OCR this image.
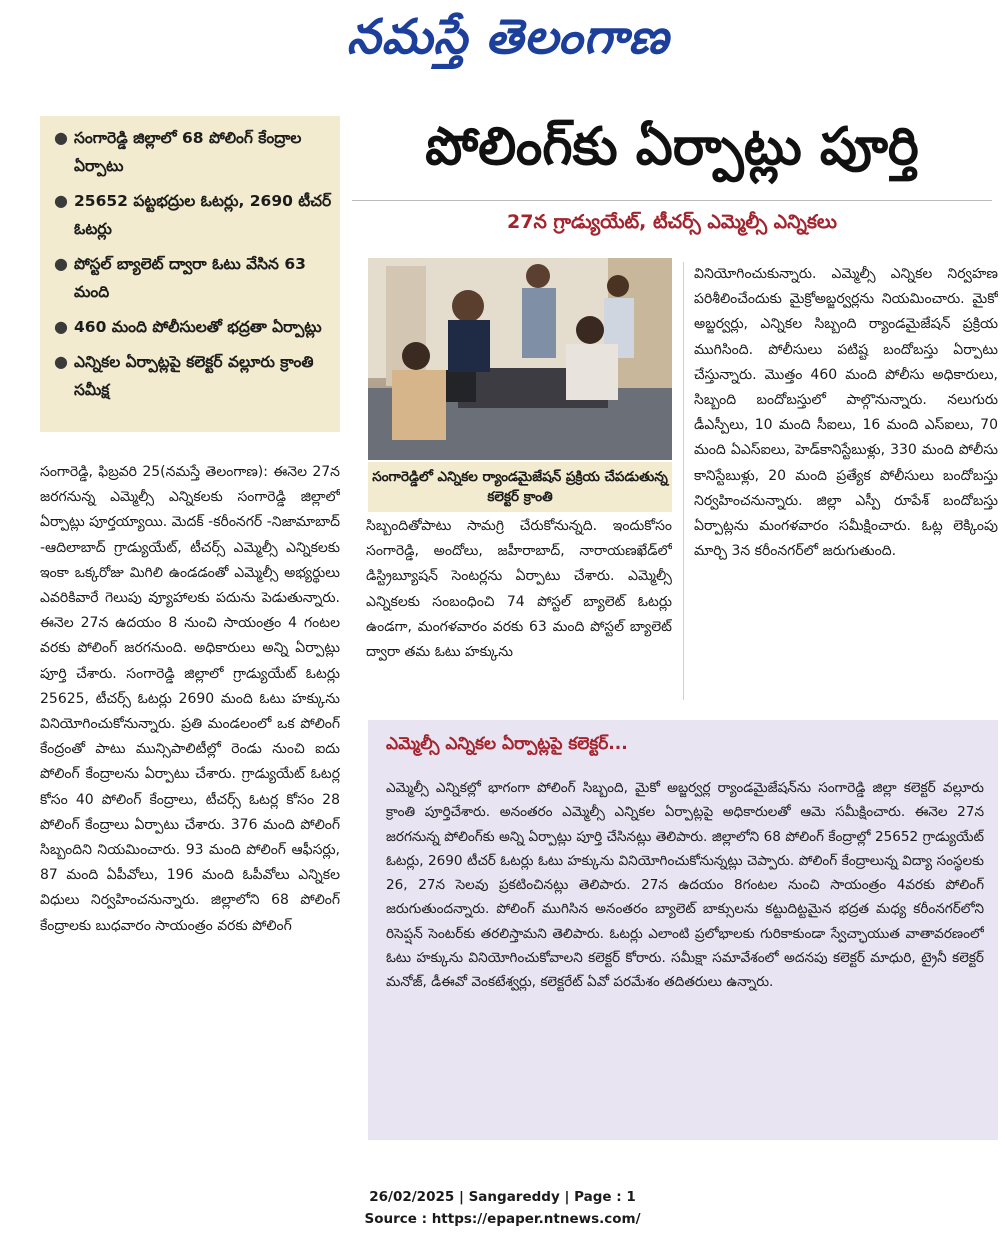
నమస్తే తెలంగాణ
● సంగారెడ్డి జిల్లాలో 68 పోలింగ్ కేంద్రాల ఏర్పాటు
● 25652 పట్టభద్రుల ఓటర్లు, 2690 టీచర్ ఓటర్లు
● పోస్టల్ బ్యాలెట్ ద్వారా ఓటు వేసిన 63 మంది
● 460 మంది పోలీసులతో భద్రతా ఏర్పాట్లు
● ఎన్నికల ఏర్పాట్లపై కలెక్టర్ వల్లూరు క్రాంతి సమీక్ష
పోలింగ్‌కు ఏర్పాట్లు పూర్తి
27న గ్రాడ్యుయేట్, టీచర్స్ ఎమ్మెల్సీ ఎన్నికలు
సంగారెడ్డిలో ఎన్నికల ర్యాండమైజేషన్ ప్రక్రియ చేపడుతున్న కలెక్టర్ క్రాంతి
సంగారెడ్డి, ఫిబ్రవరి 25(నమస్తే తెలంగాణ): ఈనెల 27న జరగనున్న ఎమ్మెల్సీ ఎన్నికలకు సంగారెడ్డి జిల్లాలో ఏర్పాట్లు పూర్తయ్యాయి. మెదక్ -కరీంనగర్ -నిజామాబాద్ -ఆదిలాబాద్ గ్రాడ్యుయేట్, టీచర్స్ ఎమ్మెల్సీ ఎన్నికలకు ఇంకా ఒక్కరోజు మిగిలి ఉండడంతో ఎమ్మెల్సీ అభ్యర్థులు ఎవరికివారే గెలుపు వ్యూహాలకు పదును పెడుతున్నారు. ఈనెల 27న ఉదయం 8 నుంచి సాయంత్రం 4 గంటల వరకు పోలింగ్ జరగనుంది. అధికారులు అన్ని ఏర్పాట్లు పూర్తి చేశారు. సంగారెడ్డి జిల్లాలో గ్రాడ్యుయేట్ ఓటర్లు 25625, టీచర్స్ ఓటర్లు 2690 మంది ఓటు హక్కును వినియోగించుకోనున్నారు. ప్రతి మండలంలో ఒక పోలింగ్ కేంద్రంతో పాటు మున్సిపాలిటీల్లో రెండు నుంచి ఐదు పోలింగ్ కేంద్రాలను ఏర్పాటు చేశారు. గ్రాడ్యుయేట్ ఓటర్ల కోసం 40 పోలింగ్ కేంద్రాలు, టీచర్స్ ఓటర్ల కోసం 28 పోలింగ్ కేంద్రాలు ఏర్పాటు చేశారు. 376 మంది పోలింగ్ సిబ్బందిని నియమించారు. 93 మంది పోలింగ్ ఆఫీసర్లు, 87 మంది ఏపీవోలు, 196 మంది ఓపీవోలు ఎన్నికల విధులు నిర్వహించనున్నారు. జిల్లాలోని 68 పోలింగ్ కేంద్రాలకు బుధవారం సాయంత్రం వరకు పోలింగ్
సిబ్బందితోపాటు సామగ్రి చేరుకోనున్నది. ఇందుకోసం సంగారెడ్డి, అందోలు, జహీరాబాద్, నారాయణఖేడ్‌లో డిస్ట్రిబ్యూషన్ సెంటర్లను ఏర్పాటు చేశారు. ఎమ్మెల్సీ ఎన్నికలకు సంబంధించి 74 పోస్టల్ బ్యాలెట్ ఓటర్లు ఉండగా, మంగళవారం వరకు 63 మంది పోస్టల్ బ్యాలెట్ ద్వారా తమ ఓటు హక్కును
వినియోగించుకున్నారు. ఎమ్మెల్సీ ఎన్నికల నిర్వహణ పరిశీలించేందుకు మైక్రోఅబ్జర్వర్లను నియమించారు. మైకో అబ్జర్వర్లు, ఎన్నికల సిబ్బంది ర్యాండమైజేషన్ ప్రక్రియ ముగిసింది. పోలీసులు పటిష్ట బందోబస్తు ఏర్పాటు చేస్తున్నారు. మొత్తం 460 మంది పోలీసు అధికారులు, సిబ్బంది బందోబస్తులో పాల్గొనున్నారు. నలుగురు డీఎస్పీలు, 10 మంది సీఐలు, 16 మంది ఎస్ఐలు, 70 మంది ఏఎస్ఐలు, హెడ్‌కానిస్టేబుళ్లు, 330 మంది పోలీసు కానిస్టేబుళ్లు, 20 మంది ప్రత్యేక పోలీసులు బందోబస్తు నిర్వహించనున్నారు. జిల్లా ఎస్పీ రూపేశ్ బందోబస్తు ఏర్పాట్లను మంగళవారం సమీక్షించారు. ఓట్ల లెక్కింపు మార్చి 3న కరీంనగర్‌లో జరుగుతుంది.
ఎమ్మెల్సీ ఎన్నికల ఏర్పాట్లపై కలెక్టర్...
ఎమ్మెల్సీ ఎన్నికల్లో భాగంగా పోలింగ్ సిబ్బంది, మైకో అబ్జర్వర్ల ర్యాండమైజేషన్‌ను సంగారెడ్డి జిల్లా కలెక్టర్ వల్లూరు క్రాంతి పూర్తిచేశారు. అనంతరం ఎమ్మెల్సీ ఎన్నికల ఏర్పాట్లపై అధికారులతో ఆమె సమీక్షించారు. ఈనెల 27న జరగనున్న పోలింగ్‌కు అన్ని ఏర్పాట్లు పూర్తి చేసినట్లు తెలిపారు. జిల్లాలోని 68 పోలింగ్ కేంద్రాల్లో 25652 గ్రాడ్యుయేట్ ఓటర్లు, 2690 టీచర్ ఓటర్లు ఓటు హక్కును వినియోగించుకోనున్నట్లు చెప్పారు. పోలింగ్ కేంద్రాలున్న విద్యా సంస్థలకు 26, 27న సెలవు ప్రకటించినట్లు తెలిపారు. 27న ఉదయం 8గంటల నుంచి సాయంత్రం 4వరకు పోలింగ్ జరుగుతుందన్నారు. పోలింగ్ ముగిసిన అనంతరం బ్యాలెట్ బాక్సులను కట్టుదిట్టమైన భద్రత మధ్య కరీంనగర్‌లోని రిసెప్షన్ సెంటర్‌కు తరలిస్తామని తెలిపారు. ఓటర్లు ఎలాంటి ప్రలోభాలకు గురికాకుండా స్వేచ్ఛాయుత వాతావరణంలో ఓటు హక్కును వినియోగించుకోవాలని కలెక్టర్ కోరారు. సమీక్షా సమావేశంలో అదనపు కలెక్టర్ మాధురి, ట్రైనీ కలెక్టర్ మనోజ్, డీఈవో వెంకటేశ్వర్లు, కలెక్టరేట్ ఏవో పరమేశం తదితరులు ఉన్నారు.
26/02/2025 | Sangareddy | Page : 1
Source : https://epaper.ntnews.com/
